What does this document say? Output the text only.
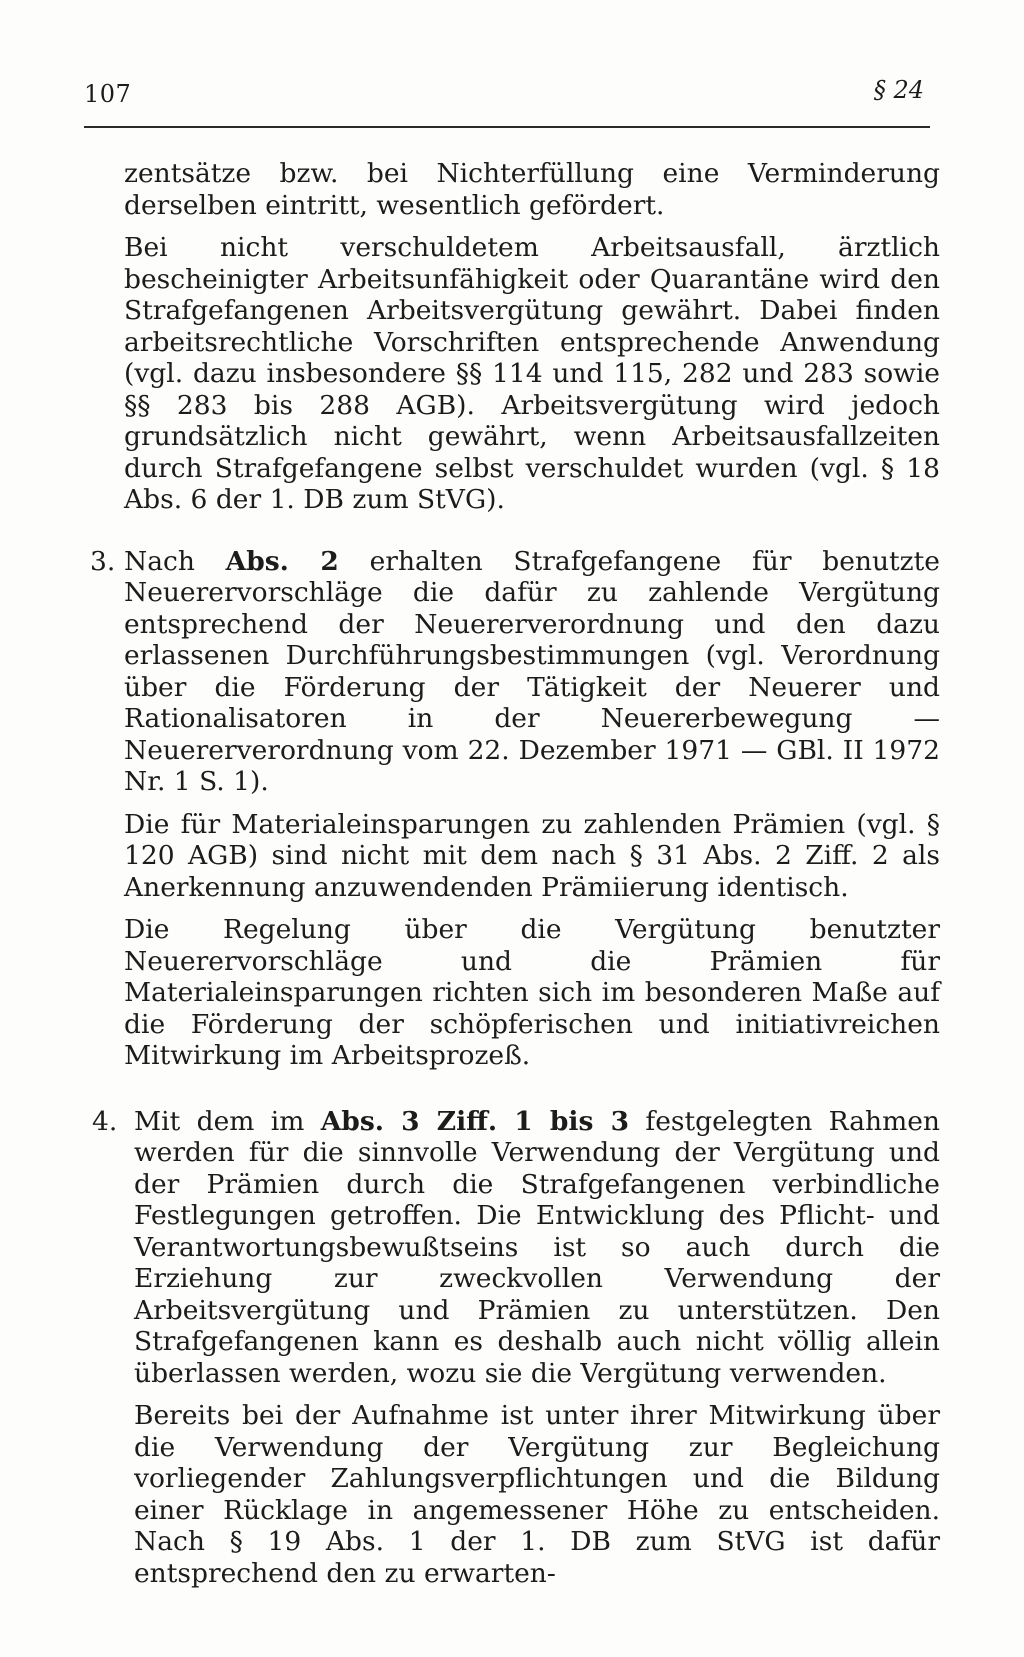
107	§ 24

zentsätze bzw. bei Nichterfüllung eine Verminderung derselben eintritt, wesentlich gefördert.

Bei nicht verschuldetem Arbeitsausfall, ärztlich bescheinigter Arbeitsunfähigkeit oder Quarantäne wird den Strafgefangenen Arbeitsvergütung gewährt. Dabei finden arbeitsrechtliche Vorschriften entsprechende Anwendung (vgl. dazu insbesondere §§ 114 und 115, 282 und 283 sowie §§ 283 bis 288 AGB). Arbeitsvergütung wird jedoch grundsätzlich nicht gewährt, wenn Arbeitsausfallzeiten durch Strafgefangene selbst verschuldet wurden (vgl. § 18 Abs. 6 der 1. DB zum StVG).

3. Nach Abs. 2 erhalten Strafgefangene für benutzte Neuerervorschläge die dafür zu zahlende Vergütung entsprechend der Neuererverordnung und den dazu erlassenen Durchführungsbestimmungen (vgl. Verordnung über die Förderung der Tätigkeit der Neuerer und Rationalisatoren in der Neuererbewegung — Neuererverordnung vom 22. Dezember 1971 — GBl. II 1972 Nr. 1 S. 1).

Die für Materialeinsparungen zu zahlenden Prämien (vgl. § 120 AGB) sind nicht mit dem nach § 31 Abs. 2 Ziff. 2 als Anerkennung anzuwendenden Prämiierung identisch.

Die Regelung über die Vergütung benutzter Neuerervorschläge und die Prämien für Materialeinsparungen richten sich im besonderen Maße auf die Förderung der schöpferischen und initiativreichen Mitwirkung im Arbeitsprozeß.

4. Mit dem im Abs. 3 Ziff. 1 bis 3 festgelegten Rahmen werden für die sinnvolle Verwendung der Vergütung und der Prämien durch die Strafgefangenen verbindliche Festlegungen getroffen. Die Entwicklung des Pflicht- und Verantwortungsbewußtseins ist so auch durch die Erziehung zur zweckvollen Verwendung der Arbeitsvergütung und Prämien zu unterstützen. Den Strafgefangenen kann es deshalb auch nicht völlig allein überlassen werden, wozu sie die Vergütung verwenden.

Bereits bei der Aufnahme ist unter ihrer Mitwirkung über die Verwendung der Vergütung zur Begleichung vorliegender Zahlungsverpflichtungen und die Bildung einer Rücklage in angemessener Höhe zu entscheiden. Nach § 19 Abs. 1 der 1. DB zum StVG ist dafür entsprechend den zu erwarten-
